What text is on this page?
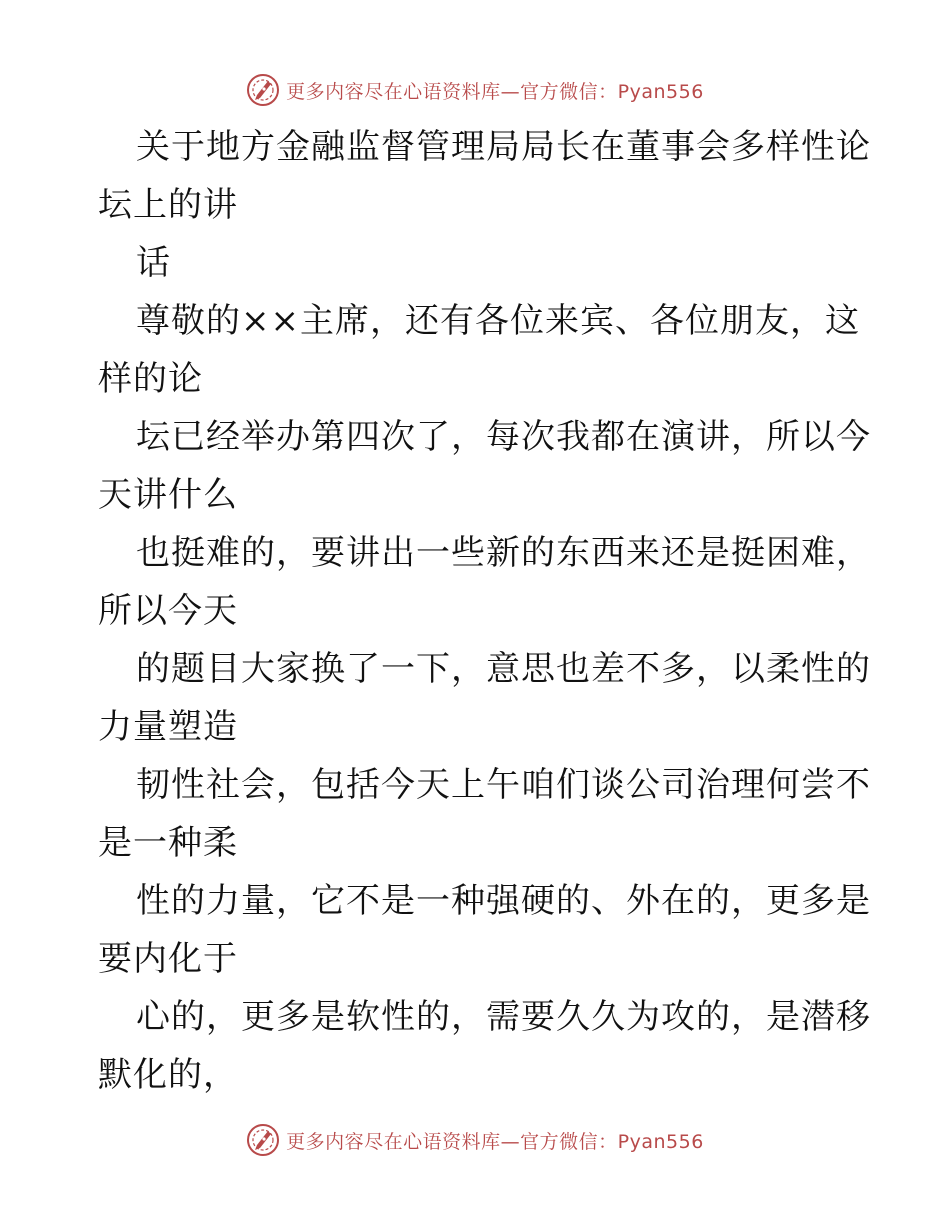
更多内容尽在心语资料库—官方微信：Pyan556
关于地方金融监督管理局局长在董事会多样性论
坛上的讲
话
尊敬的××主席，还有各位来宾、各位朋友，这
样的论
坛已经举办第四次了，每次我都在演讲，所以今
天讲什么
也挺难的，要讲出一些新的东西来还是挺困难，
所以今天
的题目大家换了一下，意思也差不多，以柔性的
力量塑造
韧性社会，包括今天上午咱们谈公司治理何尝不
是一种柔
性的力量，它不是一种强硬的、外在的，更多是
要内化于
心的，更多是软性的，需要久久为攻的，是潜移
默化的，
更多内容尽在心语资料库—官方微信：Pyan556
